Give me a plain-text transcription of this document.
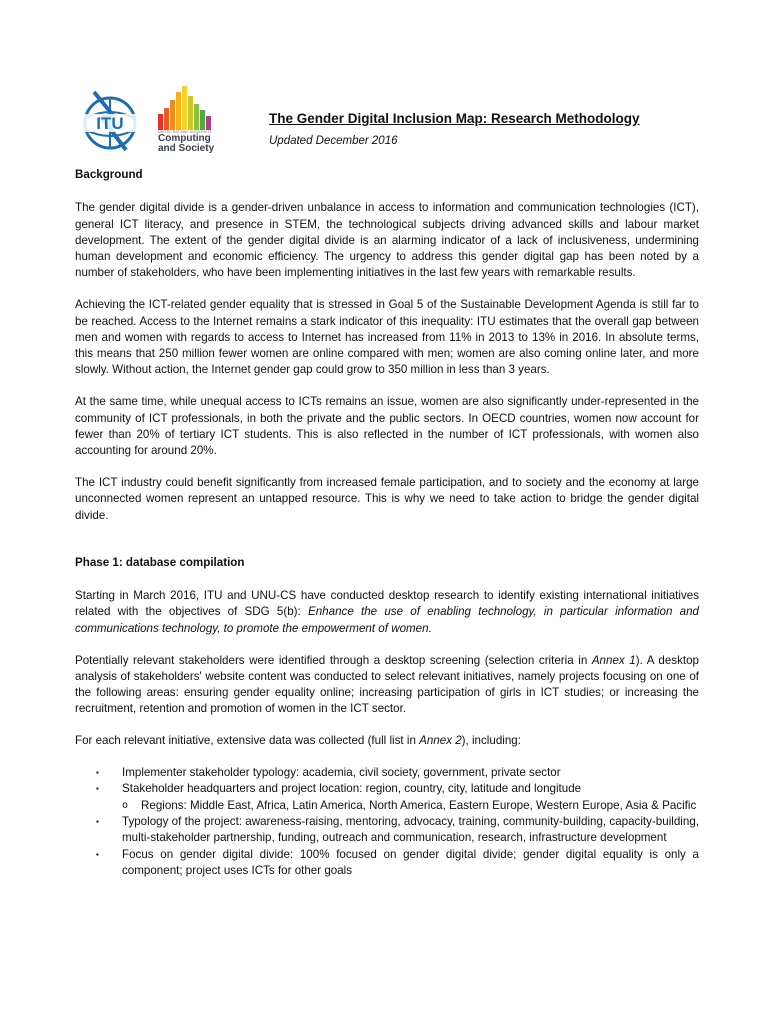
ITU	UNITED NATIONS UNIVERSITY
Computing
and Society
The Gender Digital Inclusion Map: Research Methodology
Updated December 2016
Background

The gender digital divide is a gender-driven unbalance in access to information and communication technologies (ICT), general ICT literacy, and presence in STEM, the technological subjects driving advanced skills and labour market development. The extent of the gender digital divide is an alarming indicator of a lack of inclusiveness, undermining human development and economic efficiency. The urgency to address this gender digital gap has been noted by a number of stakeholders, who have been implementing initiatives in the last few years with remarkable results.

Achieving the ICT-related gender equality that is stressed in Goal 5 of the Sustainable Development Agenda is still far to be reached. Access to the Internet remains a stark indicator of this inequality: ITU estimates that the overall gap between men and women with regards to access to Internet has increased from 11% in 2013 to 13% in 2016. In absolute terms, this means that 250 million fewer women are online compared with men; women are also coming online later, and more slowly. Without action, the Internet gender gap could grow to 350 million in less than 3 years.

At the same time, while unequal access to ICTs remains an issue, women are also significantly under-represented in the community of ICT professionals, in both the private and the public sectors. In OECD countries, women now account for fewer than 20% of tertiary ICT students. This is also reflected in the number of ICT professionals, with women also accounting for around 20%.

The ICT industry could benefit significantly from increased female participation, and to society and the economy at large unconnected women represent an untapped resource. This is why we need to take action to bridge the gender digital divide.

Phase 1: database compilation

Starting in March 2016, ITU and UNU-CS have conducted desktop research to identify existing international initiatives related with the objectives of SDG 5(b): Enhance the use of enabling technology, in particular information and communications technology, to promote the empowerment of women.

Potentially relevant stakeholders were identified through a desktop screening (selection criteria in Annex 1). A desktop analysis of stakeholders' website content was conducted to select relevant initiatives, namely projects focusing on one of the following areas: ensuring gender equality online; increasing participation of girls in ICT studies; or increasing the recruitment, retention and promotion of women in the ICT sector.

For each relevant initiative, extensive data was collected (full list in Annex 2), including:

▪ Implementer stakeholder typology: academia, civil society, government, private sector
▪ Stakeholder headquarters and project location: region, country, city, latitude and longitude
o Regions: Middle East, Africa, Latin America, North America, Eastern Europe, Western Europe, Asia & Pacific
▪ Typology of the project: awareness-raising, mentoring, advocacy, training, community-building, capacity-building, multi-stakeholder partnership, funding, outreach and communication, research, infrastructure development
▪ Focus on gender digital divide: 100% focused on gender digital divide; gender digital equality is only a component; project uses ICTs for other goals
